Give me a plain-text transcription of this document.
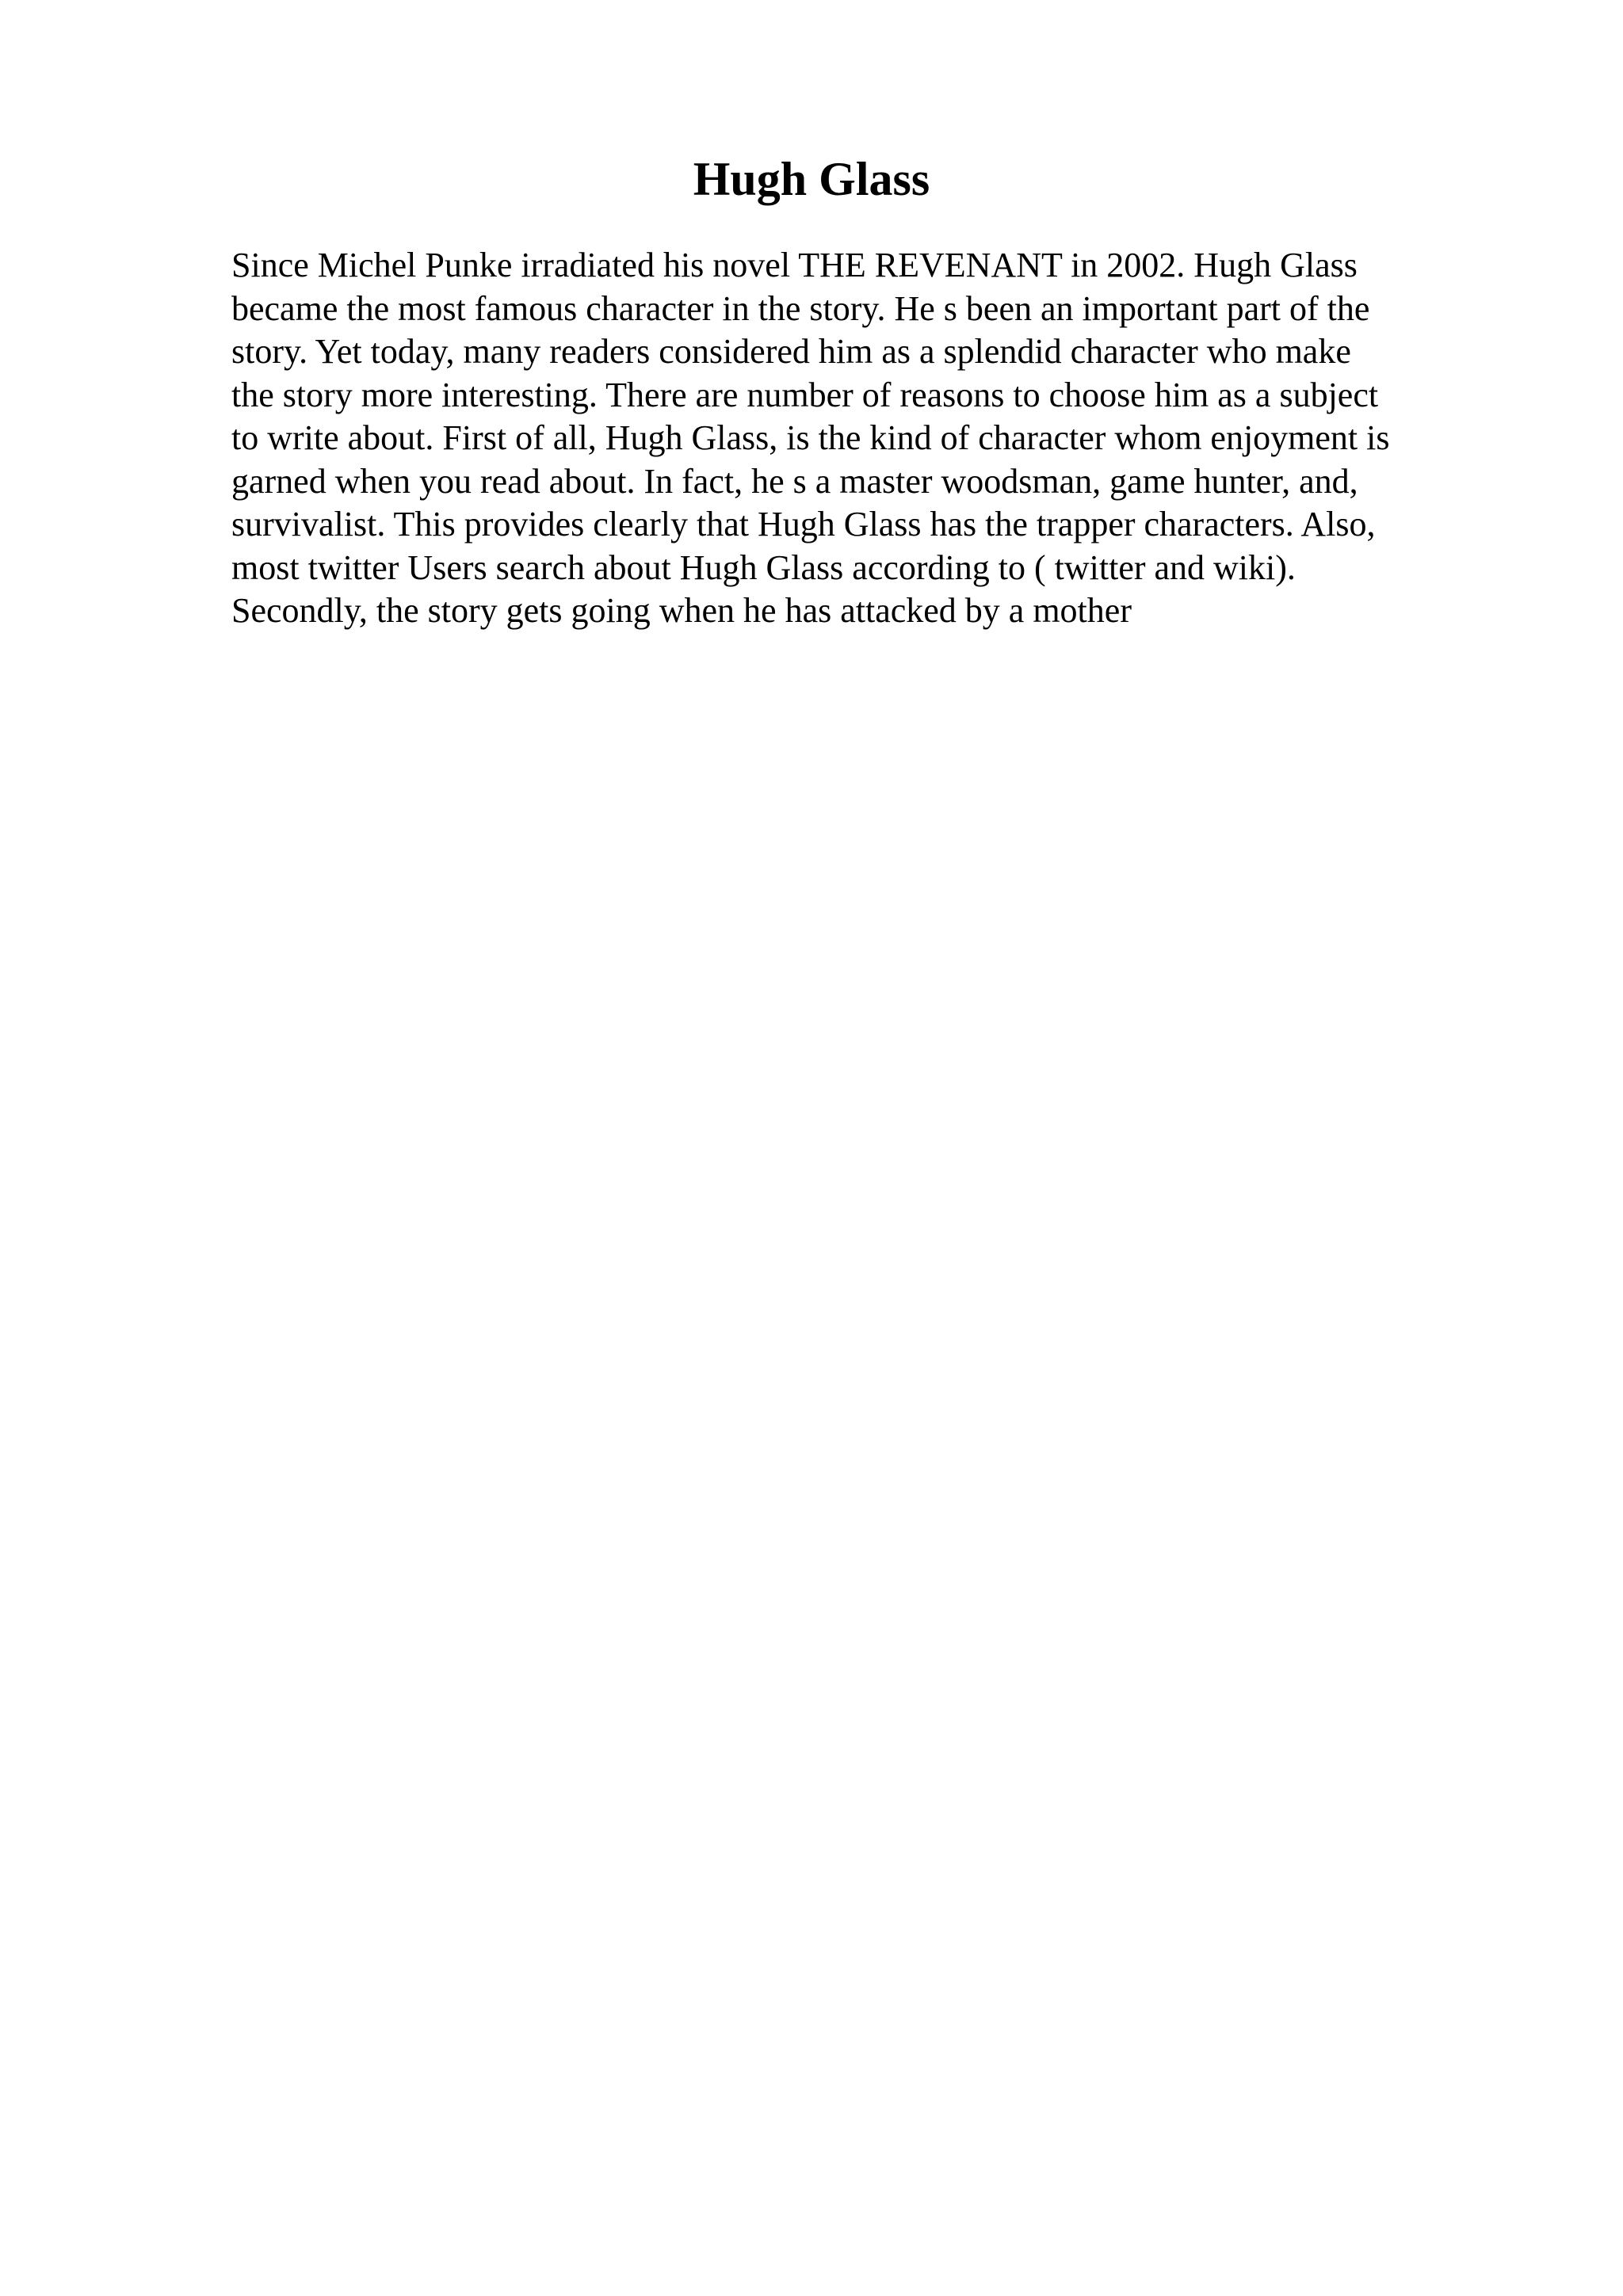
Hugh Glass
Since Michel Punke irradiated his novel THE REVENANT in 2002. Hugh Glass
became the most famous character in the story. He s been an important part of the
story. Yet today, many readers considered him as a splendid character who make
the story more interesting. There are number of reasons to choose him as a subject
to write about. First of all, Hugh Glass, is the kind of character whom enjoyment is
garned when you read about. In fact, he s a master woodsman, game hunter, and,
survivalist. This provides clearly that Hugh Glass has the trapper characters. Also,
most twitter Users search about Hugh Glass according to ( twitter and wiki).
Secondly, the story gets going when he has attacked by a mother
